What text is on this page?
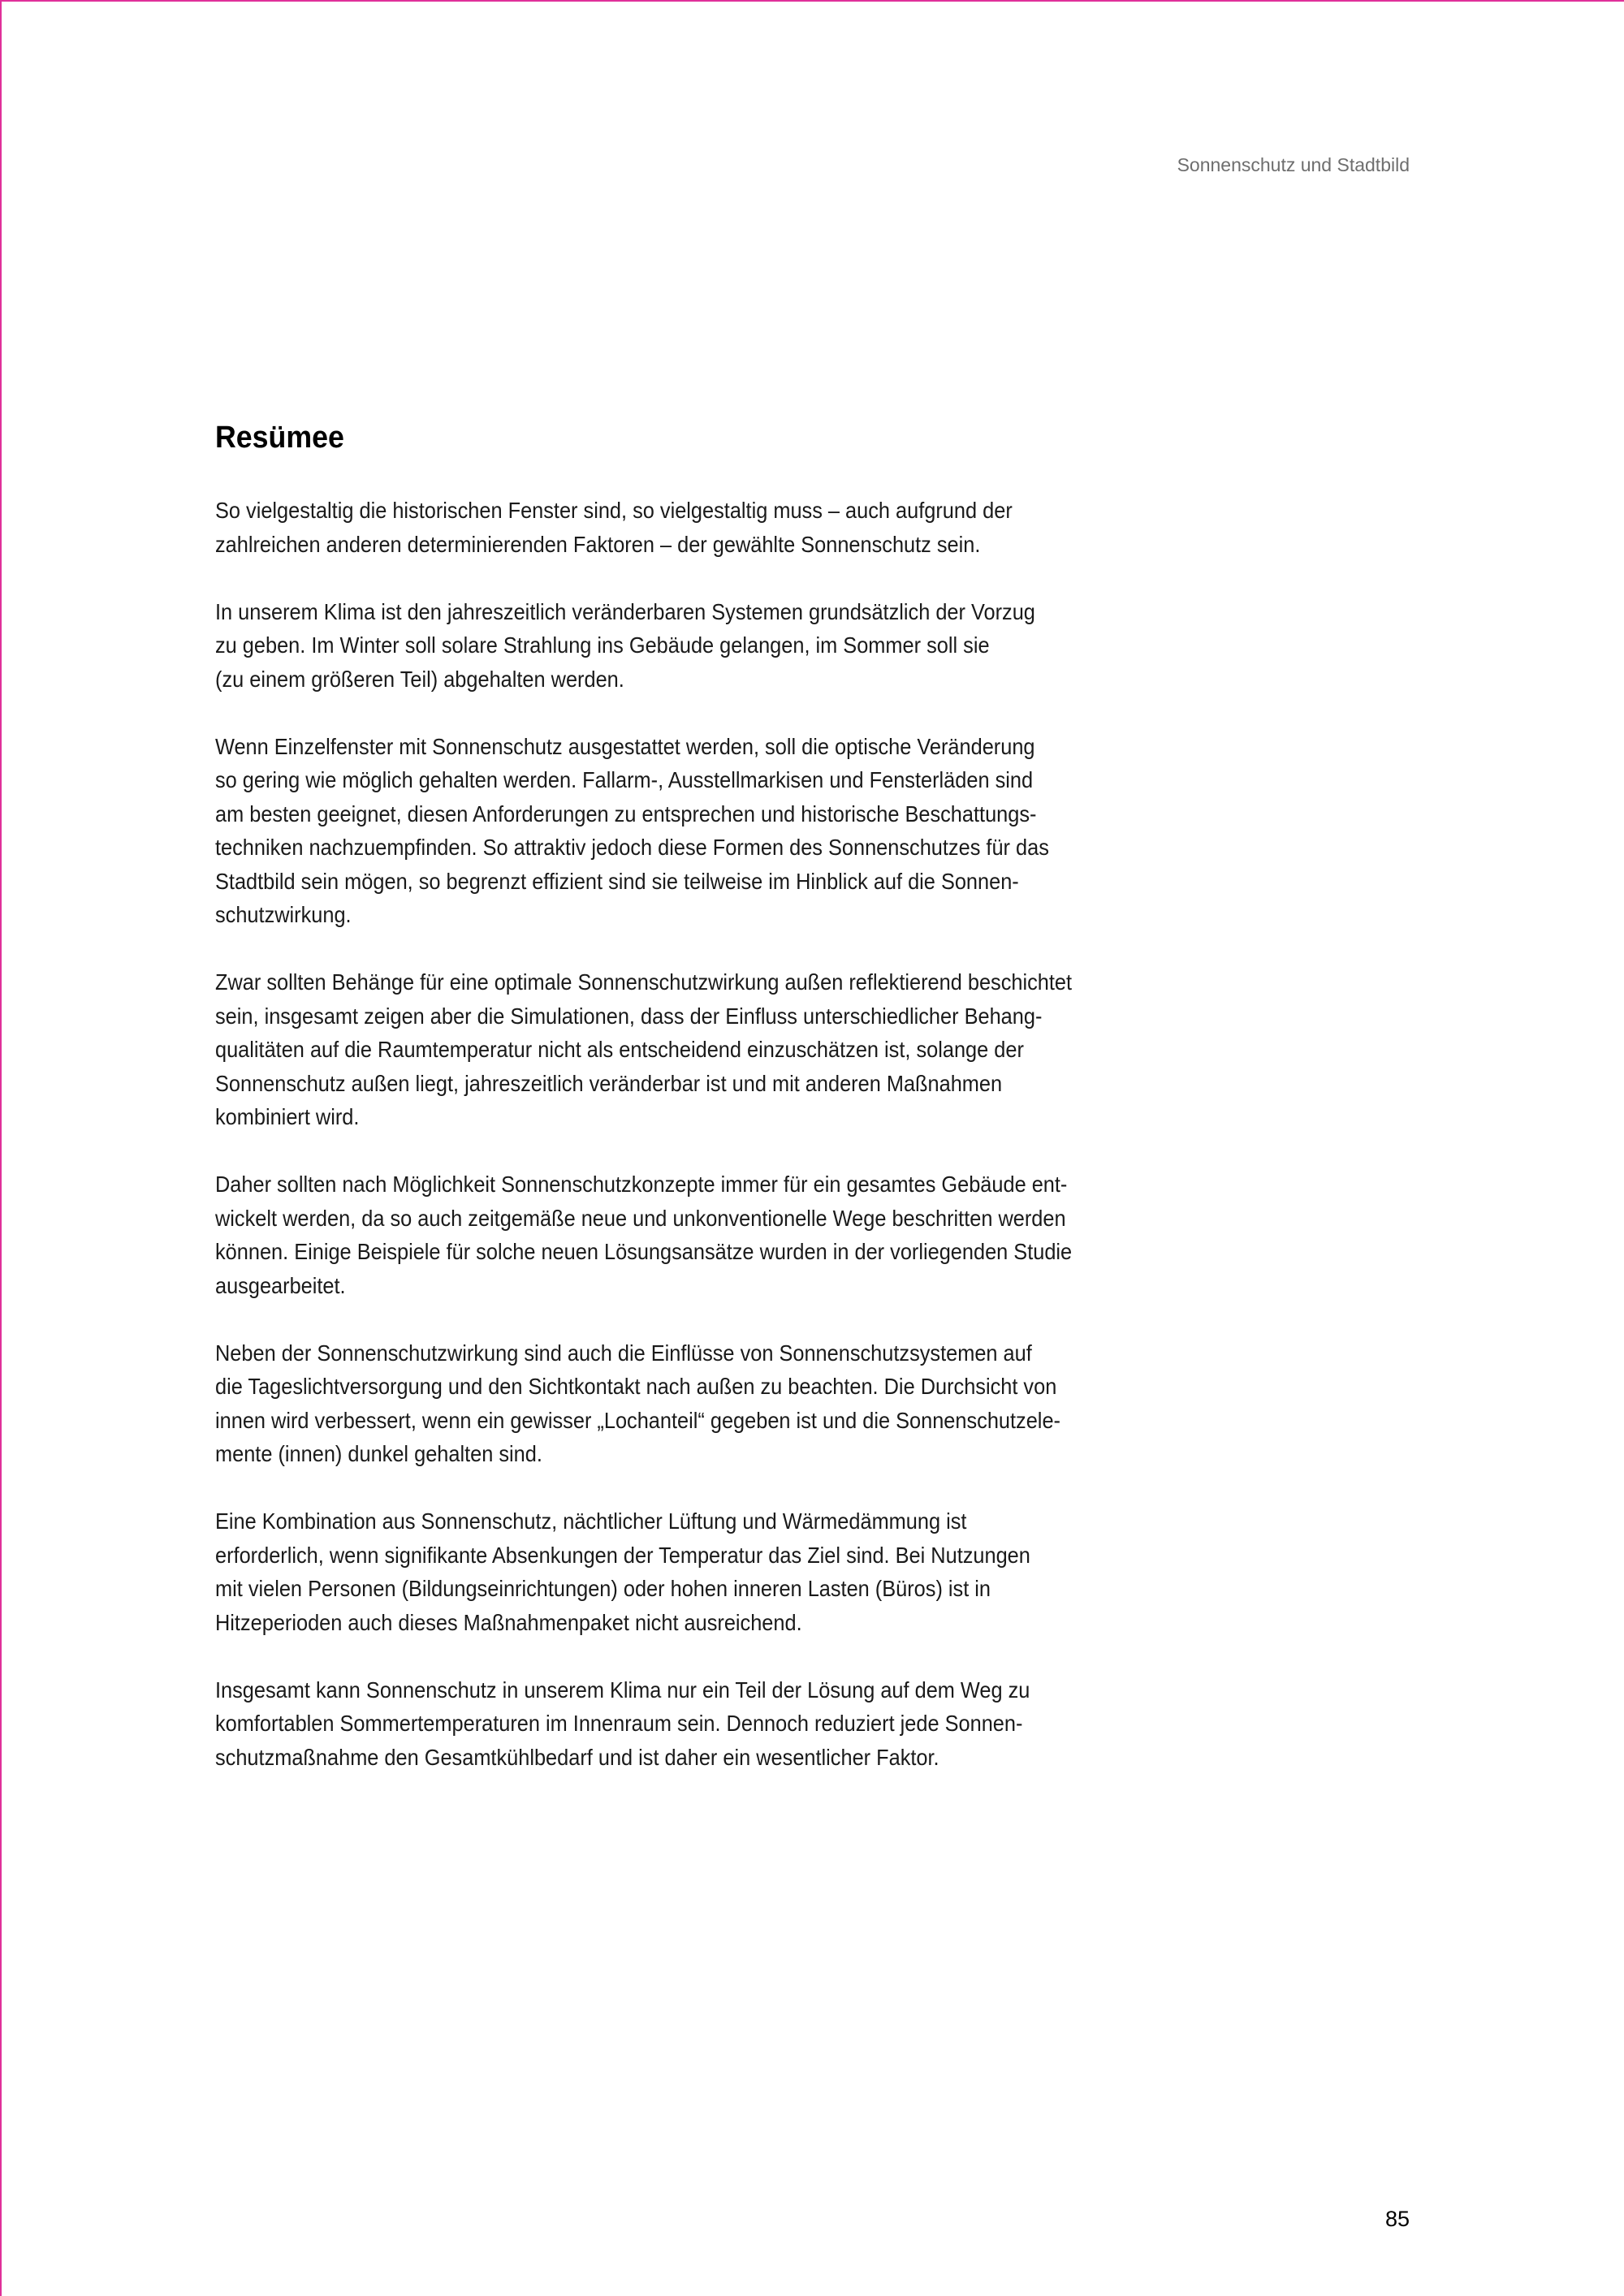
Sonnenschutz und Stadtbild
Resümee

So vielgestaltig die historischen Fenster sind, so vielgestaltig muss – auch aufgrund der
zahlreichen anderen determinierenden Faktoren – der gewählte Sonnenschutz sein.

In unserem Klima ist den jahreszeitlich veränderbaren Systemen grundsätzlich der Vorzug
zu geben. Im Winter soll solare Strahlung ins Gebäude gelangen, im Sommer soll sie
(zu einem größeren Teil) abgehalten werden.

Wenn Einzelfenster mit Sonnenschutz ausgestattet werden, soll die optische Veränderung
so gering wie möglich gehalten werden. Fallarm-, Ausstellmarkisen und Fensterläden sind
am besten geeignet, diesen Anforderungen zu entsprechen und historische Beschattungs-
techniken nachzuempfinden. So attraktiv jedoch diese Formen des Sonnenschutzes für das
Stadtbild sein mögen, so begrenzt effizient sind sie teilweise im Hinblick auf die Sonnen-
schutzwirkung.

Zwar sollten Behänge für eine optimale Sonnenschutzwirkung außen reflektierend beschichtet
sein, insgesamt zeigen aber die Simulationen, dass der Einfluss unterschiedlicher Behang-
qualitäten auf die Raumtemperatur nicht als entscheidend einzuschätzen ist, solange der
Sonnenschutz außen liegt, jahreszeitlich veränderbar ist und mit anderen Maßnahmen
kombiniert wird.

Daher sollten nach Möglichkeit Sonnenschutzkonzepte immer für ein gesamtes Gebäude ent-
wickelt werden, da so auch zeitgemäße neue und unkonventionelle Wege beschritten werden
können. Einige Beispiele für solche neuen Lösungsansätze wurden in der vorliegenden Studie
ausgearbeitet.

Neben der Sonnenschutzwirkung sind auch die Einflüsse von Sonnenschutzsystemen auf
die Tageslichtversorgung und den Sichtkontakt nach außen zu beachten. Die Durchsicht von
innen wird verbessert, wenn ein gewisser „Lochanteil“ gegeben ist und die Sonnenschutzele-
mente (innen) dunkel gehalten sind.

Eine Kombination aus Sonnenschutz, nächtlicher Lüftung und Wärmedämmung ist
erforderlich, wenn signifikante Absenkungen der Temperatur das Ziel sind. Bei Nutzungen
mit vielen Personen (Bildungseinrichtungen) oder hohen inneren Lasten (Büros) ist in
Hitzeperioden auch dieses Maßnahmenpaket nicht ausreichend.

Insgesamt kann Sonnenschutz in unserem Klima nur ein Teil der Lösung auf dem Weg zu
komfortablen Sommertemperaturen im Innenraum sein. Dennoch reduziert jede Sonnen-
schutzmaßnahme den Gesamtkühlbedarf und ist daher ein wesentlicher Faktor.

85
